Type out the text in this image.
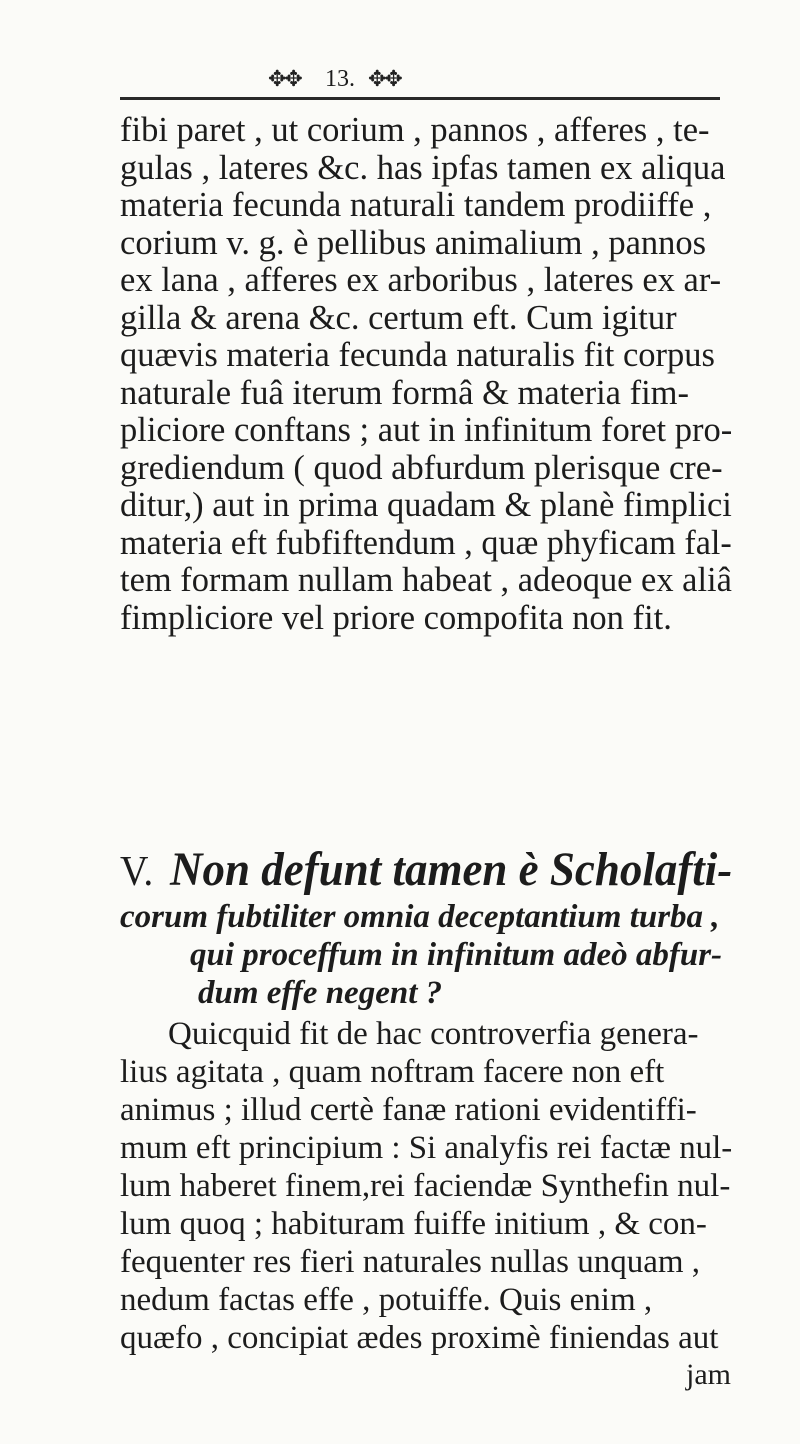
✥✥ 13. ✥✥
fibi paret , ut corium , pannos , afferes , te-
gulas , lateres &c. has ipfas tamen ex aliqua
materia fecunda naturali tandem prodiiffe ,
corium v. g. è pellibus animalium , pannos
ex lana , afferes ex arboribus , lateres ex ar-
gilla & arena &c. certum eft. Cum igitur
quævis materia fecunda naturalis fit corpus
naturale fuâ iterum formâ & materia fim-
pliciore conftans ; aut in infinitum foret pro-
grediendum ( quod abfurdum plerisque cre-
ditur,) aut in prima quadam & planè fimplici
materia eft fubfiftendum , quæ phyficam fal-
tem formam nullam habeat , adeoque ex aliâ
fimpliciore vel priore compofita non fit.
V. Non defunt tamen è Scholafti-
corum fubtiliter omnia deceptantium turba ,
qui proceffum in infinitum adeò abfur-
dum effe negent ?
Quicquid fit de hac controverfia genera-
lius agitata , quam noftram facere non eft
animus ; illud certè fanæ rationi evidentiffi-
mum eft principium : Si analyfis rei factæ nul-
lum haberet finem,rei faciendæ Synthefin nul-
lum quoq ; habituram fuiffe initium , & con-
fequenter res fieri naturales nullas unquam ,
nedum factas effe , potuiffe. Quis enim ,
quæfo , concipiat ædes proximè finiendas aut
jam
